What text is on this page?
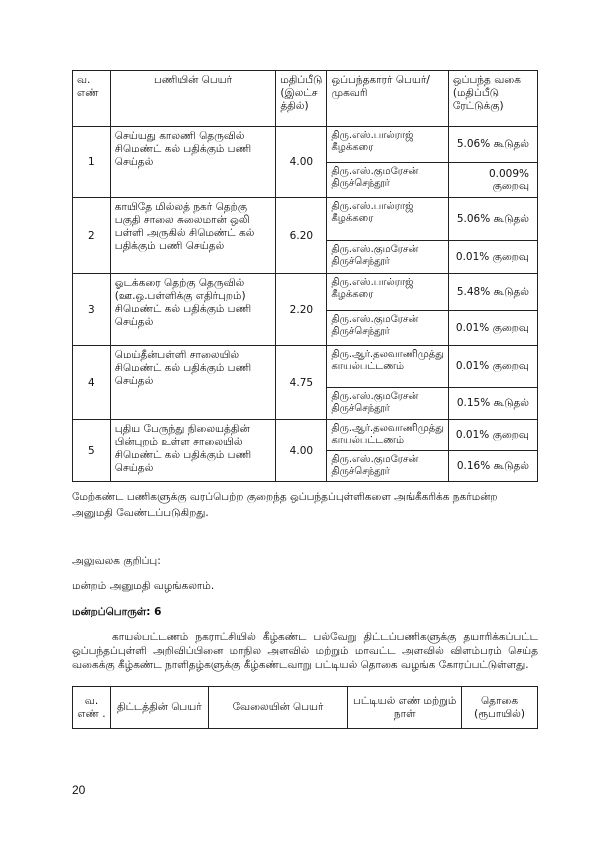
வ. எண்	பணியின் பெயர்	மதிப்பீடு (இலட்ச த்தில்)	ஒப்பந்தகாரர் பெயர்/ முகவரி	ஒப்பந்த வகை (மதிப்பீடு ரேட்டுக்கு)
1	செய்யது காலணி தெருவில் சிமெண்ட் கல் பதிக்கும் பணி செய்தல்	4.00	திரு.எஸ்.பால்ராஜ் கீழக்கரை	5.06% கூடுதல்
			திரு.எஸ்.குமரேசன் திருச்செந்தூர்	0.009% குறைவு
2	காயிதே மில்லத் நகர் தெற்கு பகுதி சாலை சுலைமான் ஒலி பள்ளி அருகில் சிமெண்ட் கல் பதிக்கும் பணி செய்தல்	6.20	திரு.எஸ்.பால்ராஜ் கீழக்கரை	5.06% கூடுதல்
			திரு.எஸ்.குமரேசன் திருச்செந்தூர்	0.01% குறைவு
3	ஓடக்கரை தெற்கு தெருவில் (ஊ.ஒ.பள்ளிக்கு எதிர்புறம்) சிமெண்ட் கல் பதிக்கும் பணி செய்தல்	2.20	திரு.எஸ்.பால்ராஜ் கீழக்கரை	5.48% கூடுதல்
			திரு.எஸ்.குமரேசன் திருச்செந்தூர்	0.01% குறைவு
4	மெய்தீன்பள்ளி சாலையில் சிமெண்ட் கல் பதிக்கும் பணி செய்தல்	4.75	திரு.ஆர்.தலவாணிமுத்து காயல்பட்டணம்	0.01% குறைவு
			திரு.எஸ்.குமரேசன் திருச்செந்தூர்	0.15% கூடுதல்
5	புதிய பேருந்து நிலையத்தின் பின்புறம் உள்ள சாலையில் சிமெண்ட் கல் பதிக்கும் பணி செய்தல்	4.00	திரு.ஆர்.தலவாணிமுத்து காயல்பட்டணம்	0.01% குறைவு
			திரு.எஸ்.குமரேசன் திருச்செந்தூர்	0.16% கூடுதல்
மேற்கண்ட பணிகளுக்கு வரப்பெற்ற குறைந்த ஒப்பந்தப்புள்ளிகளை அங்கீகரிக்க நகர்மன்ற அனுமதி வேண்டப்படுகிறது.
அலுவலக குறிப்பு:
மன்றம் அனுமதி வழங்கலாம்.
மன்றப்பொருள்: 6
காயல்பட்டணம் நகராட்சியில் கீழ்கண்ட பல்வேறு திட்டப்பணிகளுக்கு தயாரிக்கப்பட்ட ஒப்பந்தப்புள்ளி அறிவிப்பினை மாநில அளவில் மற்றும் மாவட்ட அளவில் விளம்பரம் செய்த வகைக்கு கீழ்கண்ட நாளிதழ்களுக்கு கீழ்கண்டவாறு பட்டியல் தொகை வழங்க கோரப்பட்டுள்ளது.
வ. எண் .	திட்டத்தின் பெயர்	வேலையின் பெயர்	பட்டியல் எண் மற்றும் நாள்	தொகை (ரூபாயில்)
20
